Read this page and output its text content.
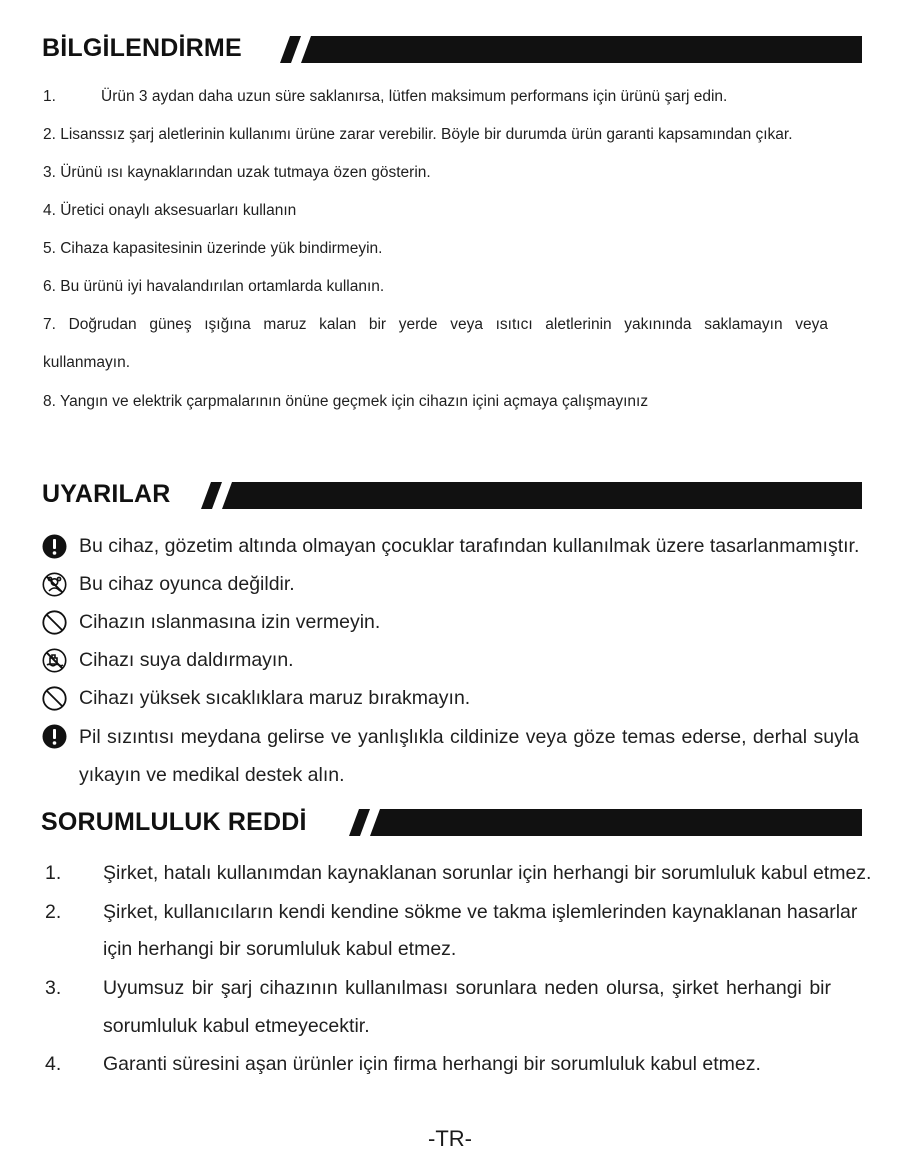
BİLGİLENDİRME
1.	Ürün 3 aydan daha uzun süre saklanırsa, lütfen maksimum performans için ürünü şarj edin.
2. Lisanssız şarj aletlerinin kullanımı ürüne zarar verebilir. Böyle bir durumda ürün garanti kapsamından çıkar.
3. Ürünü ısı kaynaklarından uzak tutmaya özen gösterin.
4. Üretici onaylı aksesuarları kullanın
5. Cihaza kapasitesinin üzerinde yük bindirmeyin.
6. Bu ürünü iyi havalandırılan ortamlarda kullanın.
7. Doğrudan güneş ışığına maruz kalan bir yerde veya ısıtıcı aletlerinin yakınında saklamayın veya
kullanmayın.
8. Yangın ve elektrik çarpmalarının önüne geçmek için cihazın içini açmaya çalışmayınız
UYARILAR
Bu cihaz, gözetim altında olmayan çocuklar tarafından kullanılmak üzere tasarlanmamıştır.
Bu cihaz oyunca değildir.
Cihazın ıslanmasına izin vermeyin.
Cihazı suya daldırmayın.
Cihazı yüksek sıcaklıklara maruz bırakmayın.
Pil sızıntısı meydana gelirse ve yanlışlıkla cildinize veya göze temas ederse, derhal suyla
yıkayın ve medikal destek alın.
SORUMLULUK REDDİ
1. Şirket, hatalı kullanımdan kaynaklanan sorunlar için herhangi bir sorumluluk kabul etmez.
2. Şirket, kullanıcıların kendi kendine sökme ve takma işlemlerinden kaynaklanan hasarlar
için herhangi bir sorumluluk kabul etmez.
3. Uyumsuz bir şarj cihazının kullanılması sorunlara neden olursa, şirket herhangi bir
sorumluluk kabul etmeyecektir.
4. Garanti süresini aşan ürünler için firma herhangi bir sorumluluk kabul etmez.
-TR-
